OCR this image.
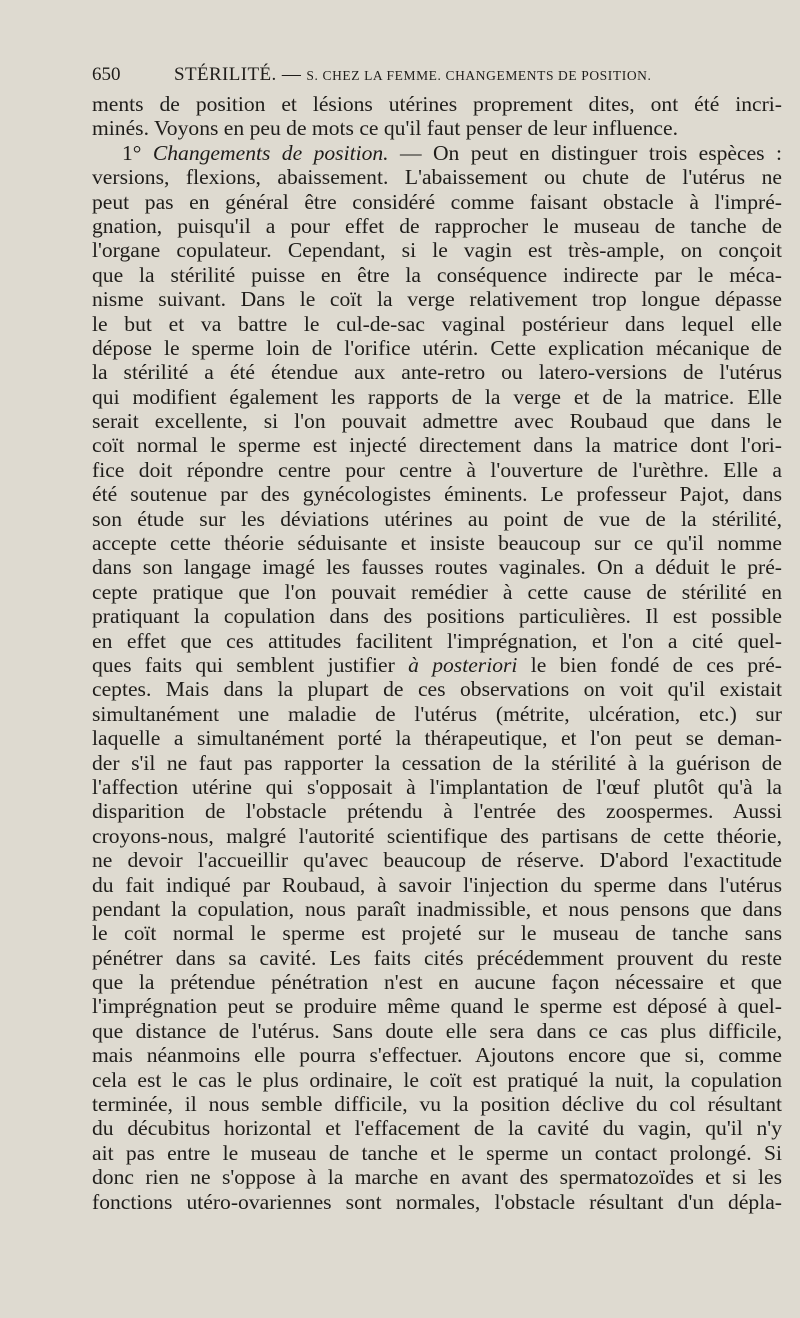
650	STÉRILITÉ. — S. CHEZ LA FEMME. CHANGEMENTS DE POSITION.
ments de position et lésions utérines proprement dites, ont été incri-
minés. Voyons en peu de mots ce qu'il faut penser de leur influence.
1° Changements de position. — On peut en distinguer trois espèces :
versions, flexions, abaissement. L'abaissement ou chute de l'utérus ne
peut pas en général être considéré comme faisant obstacle à l'impré-
gnation, puisqu'il a pour effet de rapprocher le museau de tanche de
l'organe copulateur. Cependant, si le vagin est très-ample, on conçoit
que la stérilité puisse en être la conséquence indirecte par le méca-
nisme suivant. Dans le coït la verge relativement trop longue dépasse
le but et va battre le cul-de-sac vaginal postérieur dans lequel elle
dépose le sperme loin de l'orifice utérin. Cette explication mécanique de
la stérilité a été étendue aux ante-retro ou latero-versions de l'utérus
qui modifient également les rapports de la verge et de la matrice. Elle
serait excellente, si l'on pouvait admettre avec Roubaud que dans le
coït normal le sperme est injecté directement dans la matrice dont l'ori-
fice doit répondre centre pour centre à l'ouverture de l'urèthre. Elle a
été soutenue par des gynécologistes éminents. Le professeur Pajot, dans
son étude sur les déviations utérines au point de vue de la stérilité,
accepte cette théorie séduisante et insiste beaucoup sur ce qu'il nomme
dans son langage imagé les fausses routes vaginales. On a déduit le pré-
cepte pratique que l'on pouvait remédier à cette cause de stérilité en
pratiquant la copulation dans des positions particulières. Il est possible
en effet que ces attitudes facilitent l'imprégnation, et l'on a cité quel-
ques faits qui semblent justifier à posteriori le bien fondé de ces pré-
ceptes. Mais dans la plupart de ces observations on voit qu'il existait
simultanément une maladie de l'utérus (métrite, ulcération, etc.) sur
laquelle a simultanément porté la thérapeutique, et l'on peut se deman-
der s'il ne faut pas rapporter la cessation de la stérilité à la guérison de
l'affection utérine qui s'opposait à l'implantation de l'œuf plutôt qu'à la
disparition de l'obstacle prétendu à l'entrée des zoospermes. Aussi
croyons-nous, malgré l'autorité scientifique des partisans de cette théorie,
ne devoir l'accueillir qu'avec beaucoup de réserve. D'abord l'exactitude
du fait indiqué par Roubaud, à savoir l'injection du sperme dans l'utérus
pendant la copulation, nous paraît inadmissible, et nous pensons que dans
le coït normal le sperme est projeté sur le museau de tanche sans
pénétrer dans sa cavité. Les faits cités précédemment prouvent du reste
que la prétendue pénétration n'est en aucune façon nécessaire et que
l'imprégnation peut se produire même quand le sperme est déposé à quel-
que distance de l'utérus. Sans doute elle sera dans ce cas plus difficile,
mais néanmoins elle pourra s'effectuer. Ajoutons encore que si, comme
cela est le cas le plus ordinaire, le coït est pratiqué la nuit, la copulation
terminée, il nous semble difficile, vu la position déclive du col résultant
du décubitus horizontal et l'effacement de la cavité du vagin, qu'il n'y
ait pas entre le museau de tanche et le sperme un contact prolongé. Si
donc rien ne s'oppose à la marche en avant des spermatozoïdes et si les
fonctions utéro-ovariennes sont normales, l'obstacle résultant d'un dépla-
